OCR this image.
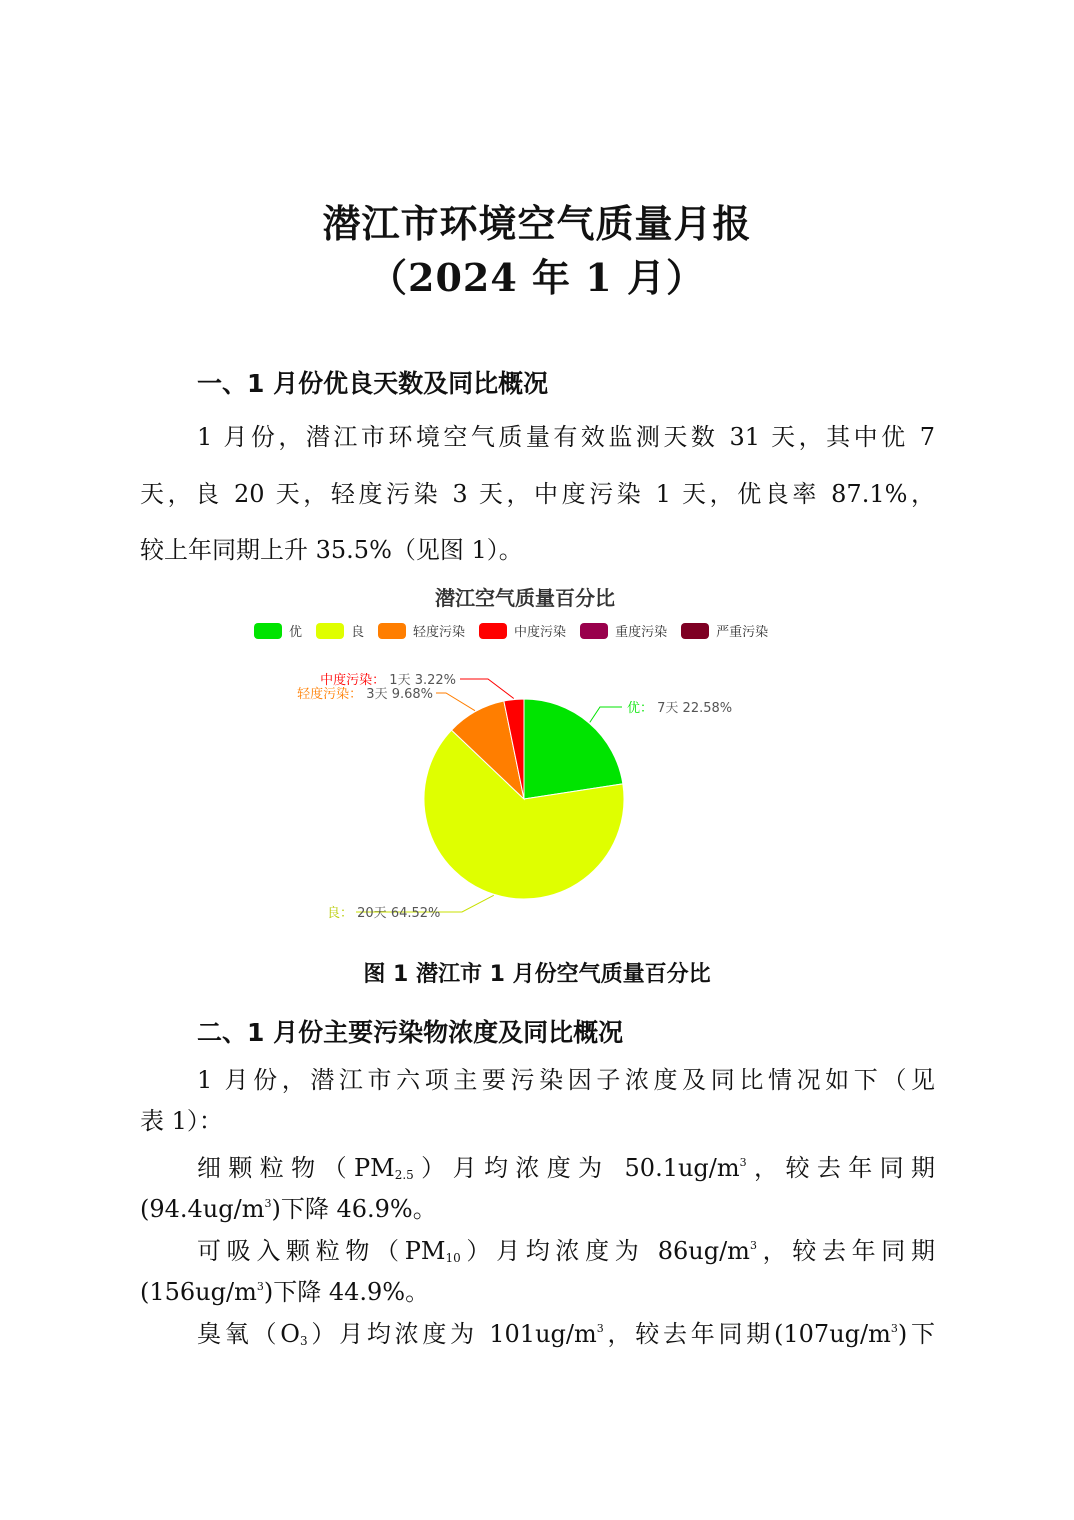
潜江市环境空气质量月报
（2024 年 1 月）
一、1 月份优良天数及同比概况
1 月份，潜江市环境空气质量有效监测天数 31 天，其中优 7
天，良 20 天，轻度污染 3 天，中度污染 1 天，优良率 87.1%，
较上年同期上升 35.5%（见图 1）。
潜江空气质量百分比
优	良	轻度污染	中度污染	重度污染	严重污染
优： 7天 22.58%
良： 20天 64.52%
轻度污染： 3天 9.68%
中度污染： 1天 3.22%
图 1 潜江市 1 月份空气质量百分比
二、1 月份主要污染物浓度及同比概况
1 月份，潜江市六项主要污染因子浓度及同比情况如下（见
表 1）：
细颗粒物$(PM_{2.5})$月均浓度为 $50.1ug/m^3$，较去年同期
$(94.4ug/m^3)$下降 46.9%。
可吸入颗粒物$(PM_{10})$月均浓度为 $86ug/m^3$，较去年同期
$(156ug/m^3)$下降 44.9%。
臭氧$(O_3)$月均浓度为 $101ug/m^3$，较去年同期$(107ug/m^3)$下
